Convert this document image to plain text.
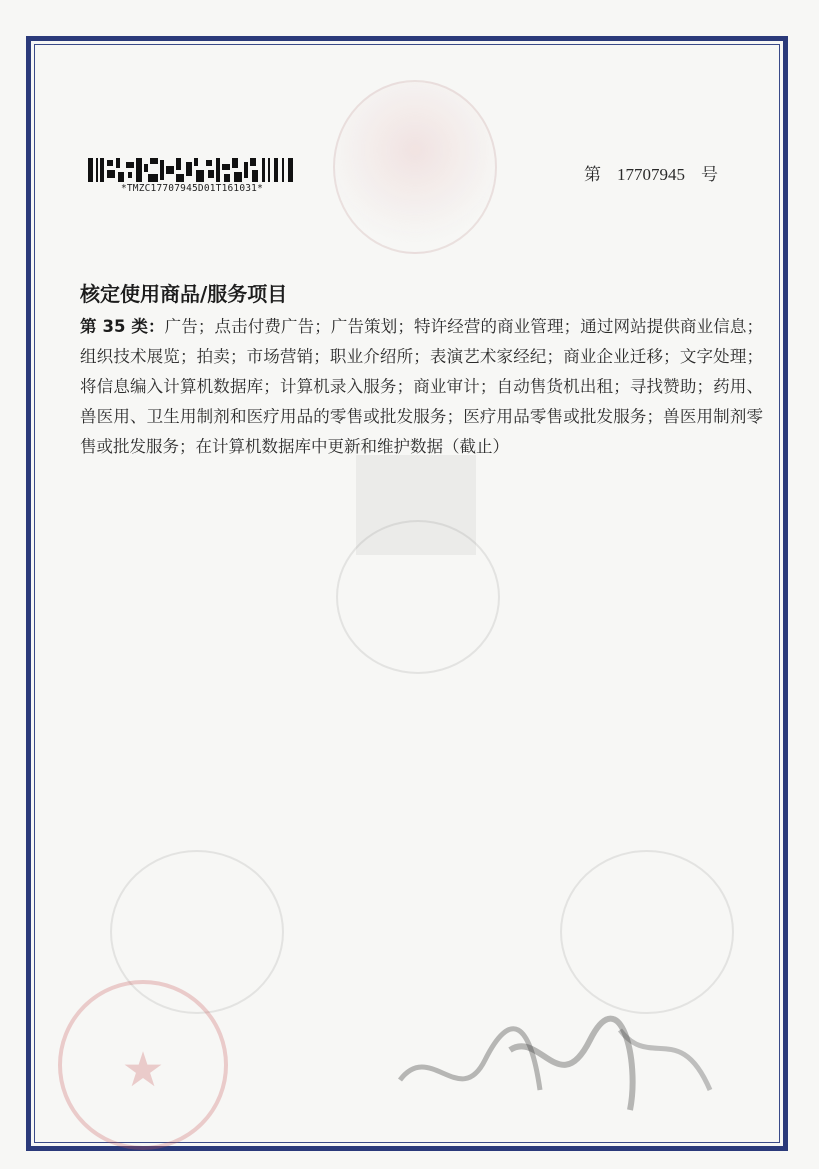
★
*TMZC17707945D01T161031*
第 17707945 号
核定使用商品/服务项目
第 35 类：广告；点击付费广告；广告策划；特许经营的商业管理；通过网站提供商业信息；组织技术展览；拍卖；市场营销；职业介绍所；表演艺术家经纪；商业企业迁移；文字处理；将信息编入计算机数据库；计算机录入服务；商业审计；自动售货机出租；寻找赞助；药用、兽医用、卫生用制剂和医疗用品的零售或批发服务；医疗用品零售或批发服务；兽医用制剂零售或批发服务；在计算机数据库中更新和维护数据（截止）
